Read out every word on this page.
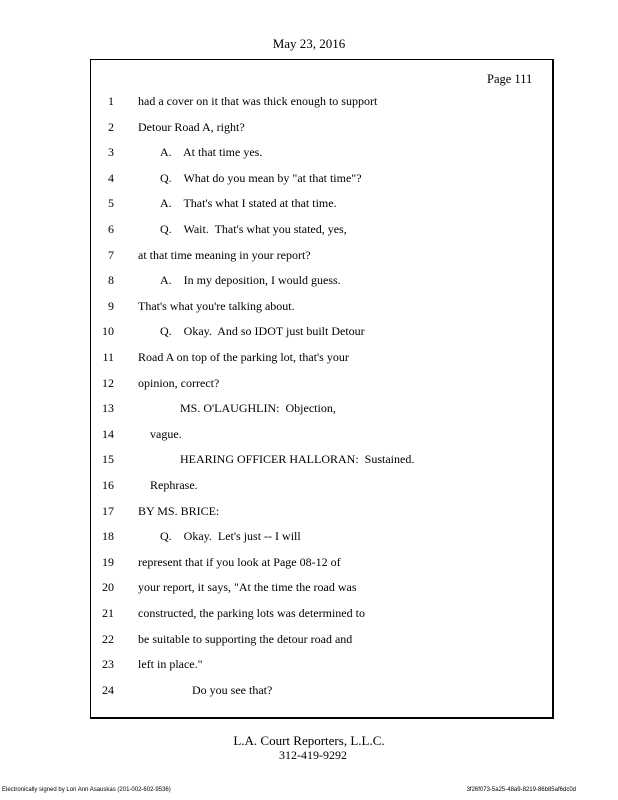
May 23, 2016
Page 111
1 had a cover on it that was thick enough to support
2 Detour Road A, right?
3	A.    At that time yes.
4	Q.    What do you mean by "at that time"?
5	A.    That's what I stated at that time.
6	Q.    Wait.  That's what you stated, yes,
7 at that time meaning in your report?
8	A.    In my deposition, I would guess.
9 That's what you're talking about.
10	Q.    Okay.  And so IDOT just built Detour
11 Road A on top of the parking lot, that's your
12 opinion, correct?
13	MS. O'LAUGHLIN:  Objection,
14	vague.
15	HEARING OFFICER HALLORAN:  Sustained.
16	Rephrase.
17 BY MS. BRICE:
18	Q.    Okay.  Let's just -- I will
19 represent that if you look at Page 08-12 of
20 your report, it says, "At the time the road was
21 constructed, the parking lots was determined to
22 be suitable to supporting the detour road and
23 left in place."
24	Do you see that?
L.A. Court Reporters, L.L.C.
312-419-9292
Electronically signed by Lori Ann Asauskas (201-002-602-9536)	3f26f073-5a25-48a9-8219-86b85af6dc0d
